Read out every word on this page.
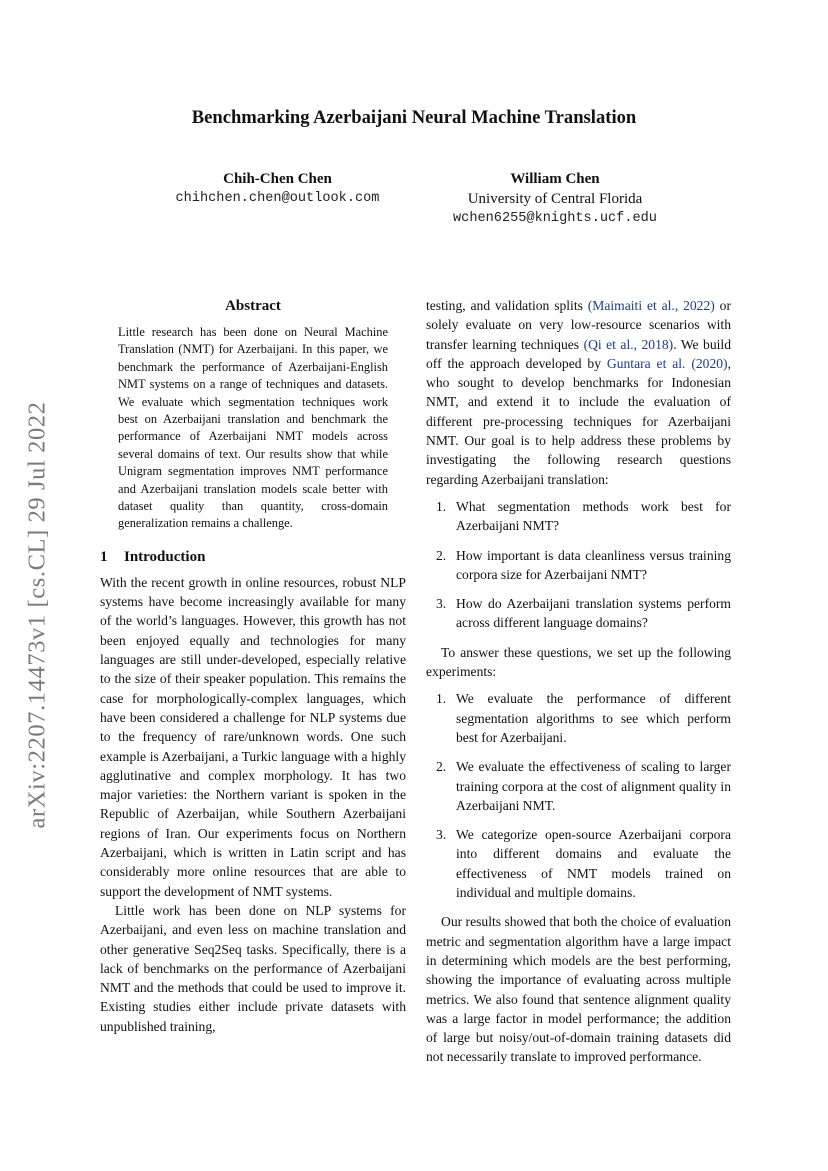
arXiv:2207.14473v1 [cs.CL] 29 Jul 2022
Benchmarking Azerbaijani Neural Machine Translation
Chih-Chen Chen
chihchen.chen@outlook.com
William Chen
University of Central Florida
wchen6255@knights.ucf.edu
Abstract

Little research has been done on Neural Machine Translation (NMT) for Azerbaijani. In this paper, we benchmark the performance of Azerbaijani-English NMT systems on a range of techniques and datasets. We evaluate which segmentation techniques work best on Azerbaijani translation and benchmark the performance of Azerbaijani NMT models across several domains of text. Our results show that while Unigram segmentation improves NMT performance and Azerbaijani translation models scale better with dataset quality than quantity, cross-domain generalization remains a challenge.

1 Introduction

With the recent growth in online resources, robust NLP systems have become increasingly available for many of the world’s languages. However, this growth has not been enjoyed equally and technologies for many languages are still under-developed, especially relative to the size of their speaker population. This remains the case for morphologically-complex languages, which have been considered a challenge for NLP systems due to the frequency of rare/unknown words. One such example is Azerbaijani, a Turkic language with a highly agglutinative and complex morphology. It has two major varieties: the Northern variant is spoken in the Republic of Azerbaijan, while Southern Azerbaijani regions of Iran. Our experiments focus on Northern Azerbaijani, which is written in Latin script and has considerably more online resources that are able to support the development of NMT systems.

Little work has been done on NLP systems for Azerbaijani, and even less on machine translation and other generative Seq2Seq tasks. Specifically, there is a lack of benchmarks on the performance of Azerbaijani NMT and the methods that could be used to improve it. Existing studies either include private datasets with unpublished training,

testing, and validation splits (Maimaiti et al., 2022) or solely evaluate on very low-resource scenarios with transfer learning techniques (Qi et al., 2018). We build off the approach developed by Guntara et al. (2020), who sought to develop benchmarks for Indonesian NMT, and extend it to include the evaluation of different pre-processing techniques for Azerbaijani NMT. Our goal is to help address these problems by investigating the following research questions regarding Azerbaijani translation:

1. What segmentation methods work best for Azerbaijani NMT?
2. How important is data cleanliness versus training corpora size for Azerbaijani NMT?
3. How do Azerbaijani translation systems perform across different language domains?

To answer these questions, we set up the following experiments:

1. We evaluate the performance of different segmentation algorithms to see which perform best for Azerbaijani.
2. We evaluate the effectiveness of scaling to larger training corpora at the cost of alignment quality in Azerbaijani NMT.
3. We categorize open-source Azerbaijani corpora into different domains and evaluate the effectiveness of NMT models trained on individual and multiple domains.

Our results showed that both the choice of evaluation metric and segmentation algorithm have a large impact in determining which models are the best performing, showing the importance of evaluating across multiple metrics. We also found that sentence alignment quality was a large factor in model performance; the addition of large but noisy/out-of-domain training datasets did not necessarily translate to improved performance.
